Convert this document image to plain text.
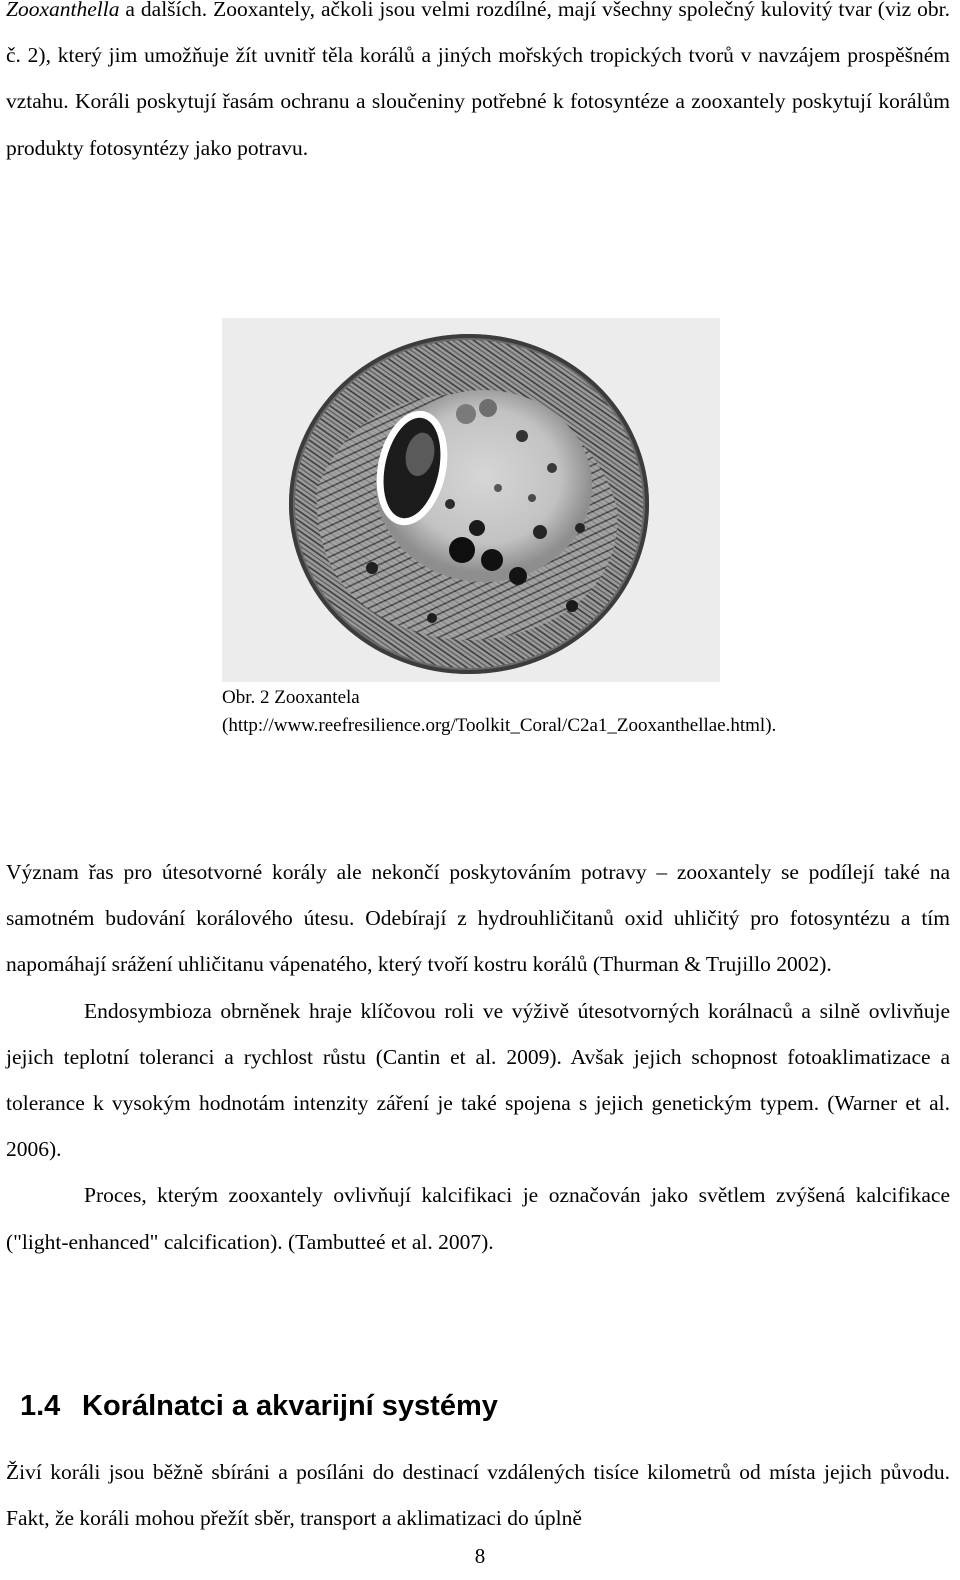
Zooxanthella a dalších. Zooxantely, ačkoli jsou velmi rozdílné, mají všechny společný kulovitý tvar (viz obr. č. 2), který jim umožňuje žít uvnitř těla korálů a jiných mořských tropických tvorů v navzájem prospěšném vztahu. Koráli poskytují řasám ochranu a sloučeniny potřebné k fotosyntéze a zooxantely poskytují korálům produkty fotosyntézy jako potravu.

Význam řas pro útesotvorné korály ale nekončí poskytováním potravy – zooxantely se podílejí také na samotném budování korálového útesu. Odebírají z hydrouhličitanů oxid uhličitý pro fotosyntézu a tím napomáhají srážení uhličitanu vápenatého, který tvoří kostru korálů (Thurman & Trujillo 2002).
Endosymbioza obrněnek hraje klíčovou roli ve výživě útesotvorných korálnaců a silně ovlivňuje jejich teplotní toleranci a rychlost růstu (Cantin et al. 2009). Avšak jejich schopnost fotoaklimatizace a tolerance k vysokým hodnotám intenzity záření je také spojena s jejich genetickým typem. (Warner et al. 2006).
Proces, kterým zooxantely ovlivňují kalcifikaci je označován jako světlem zvýšená kalcifikace ("light-enhanced" calcification). (Tambutteé et al. 2007).

1.4 Korálnatci a akvarijní systémy

Živí koráli jsou běžně sbíráni a posíláni do destinací vzdálených tisíce kilometrů od místa jejich původu. Fakt, že koráli mohou přežít sběr, transport a aklimatizaci do úplně

Obr. 2 Zooxantela
(http://www.reefresilience.org/Toolkit_Coral/C2a1_Zooxanthellae.html).
8
